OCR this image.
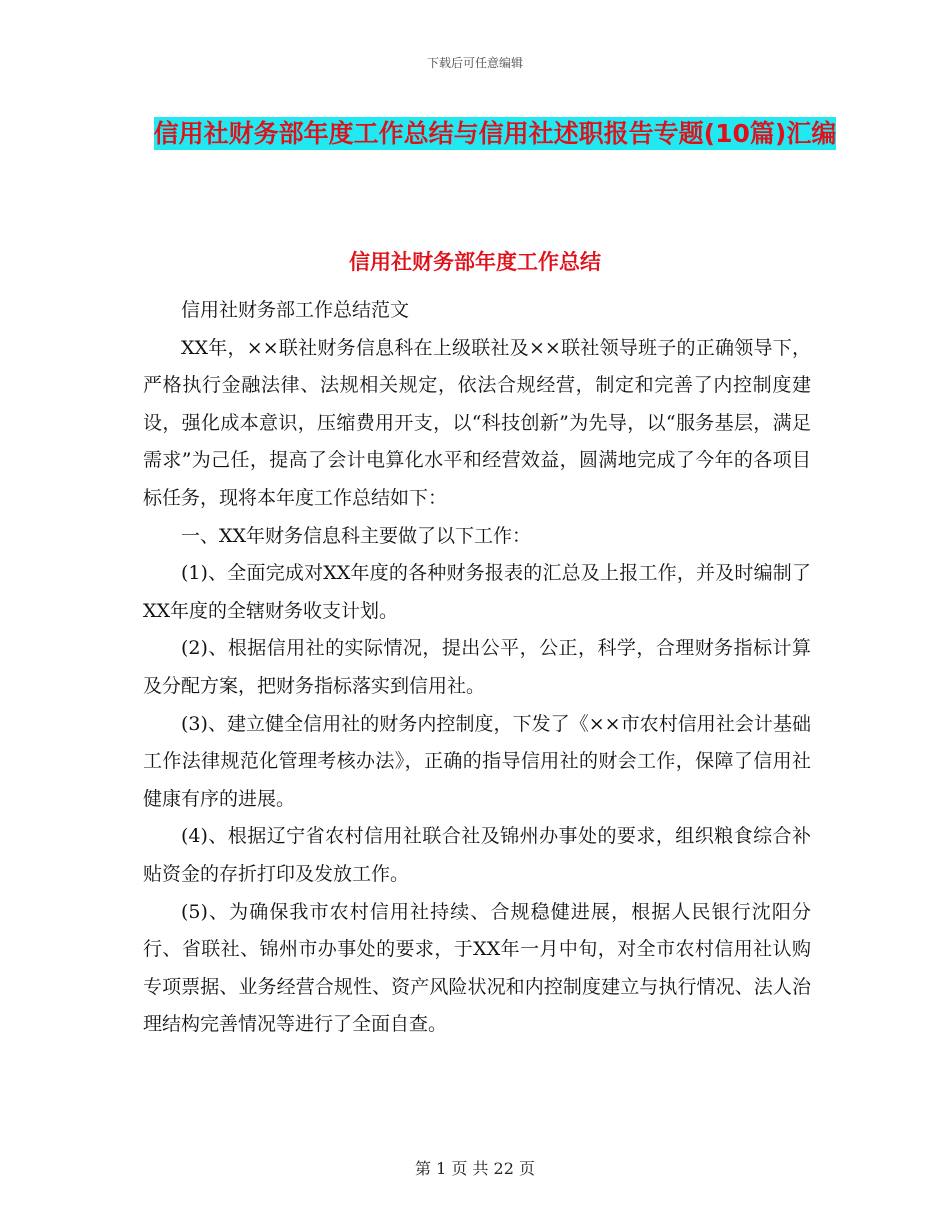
下载后可任意编辑
信用社财务部年度工作总结与信用社述职报告专题(10篇)汇编
信用社财务部年度工作总结

信用社财务部工作总结范文

XX年，××联社财务信息科在上级联社及××联社领导班子的正确领导下，严格执行金融法律、法规相关规定，依法合规经营，制定和完善了内控制度建设，强化成本意识，压缩费用开支，以“科技创新”为先导，以“服务基层，满足需求”为己任，提高了会计电算化水平和经营效益，圆满地完成了今年的各项目标任务，现将本年度工作总结如下：

一、XX年财务信息科主要做了以下工作：

(1)、全面完成对XX年度的各种财务报表的汇总及上报工作，并及时编制了XX年度的全辖财务收支计划。

(2)、根据信用社的实际情况，提出公平，公正，科学，合理财务指标计算及分配方案，把财务指标落实到信用社。

(3)、建立健全信用社的财务内控制度，下发了《××市农村信用社会计基础工作法律规范化管理考核办法》，正确的指导信用社的财会工作，保障了信用社健康有序的进展。

(4)、根据辽宁省农村信用社联合社及锦州办事处的要求，组织粮食综合补贴资金的存折打印及发放工作。

(5)、为确保我市农村信用社持续、合规稳健进展，根据人民银行沈阳分行、省联社、锦州市办事处的要求，于XX年一月中旬，对全市农村信用社认购专项票据、业务经营合规性、资产风险状况和内控制度建立与执行情况、法人治理结构完善情况等进行了全面自查。

第 1 页 共 22 页
